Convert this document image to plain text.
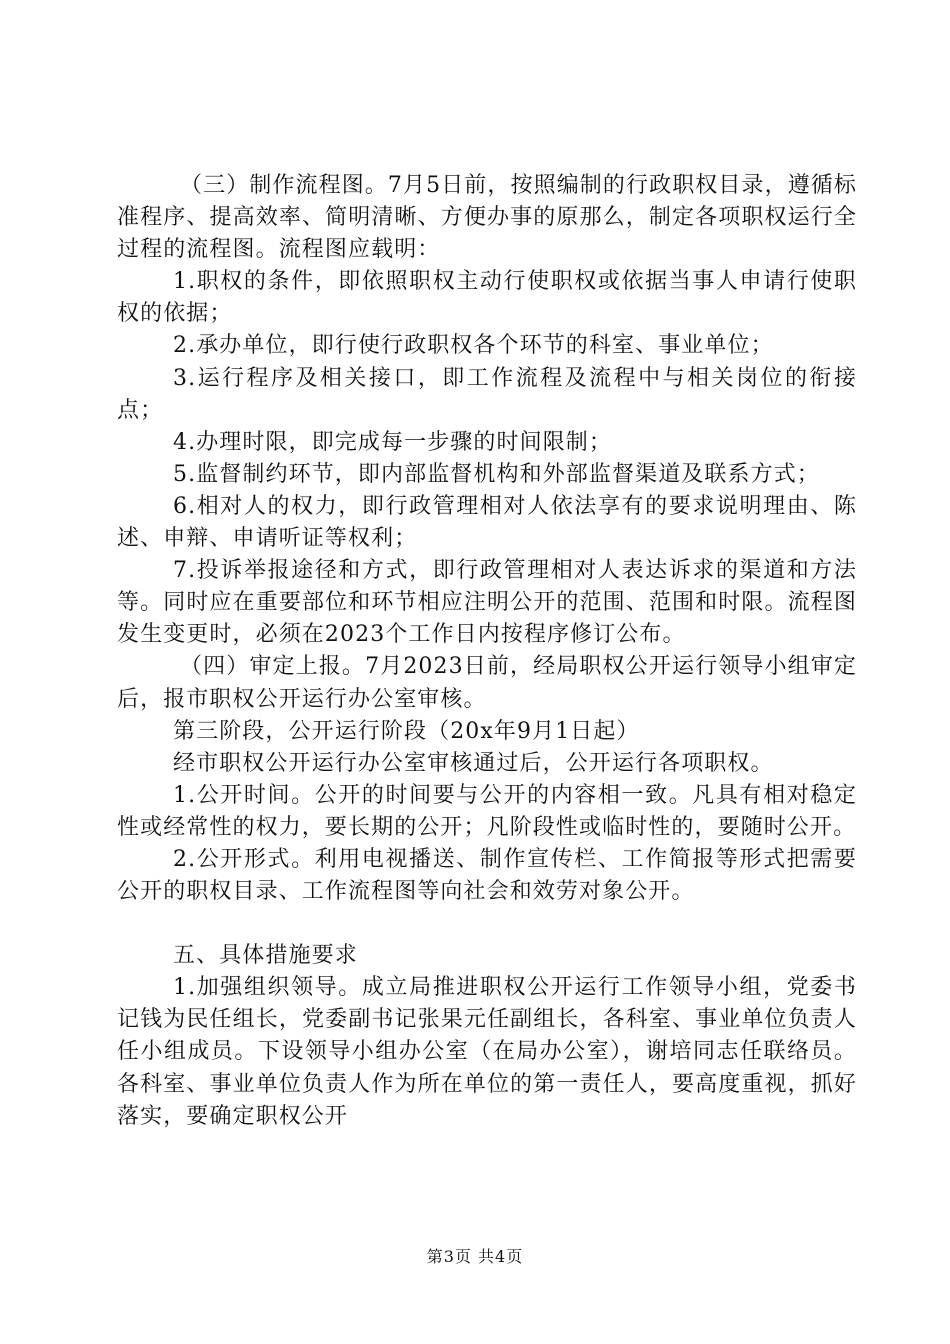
（三）制作流程图。7月5日前，按照编制的行政职权目录，遵循标准程序、提高效率、简明清晰、方便办事的原那么，制定各项职权运行全过程的流程图。流程图应载明：

1.职权的条件，即依照职权主动行使职权或依据当事人申请行使职权的依据；

2.承办单位，即行使行政职权各个环节的科室、事业单位；

3.运行程序及相关接口，即工作流程及流程中与相关岗位的衔接点；

4.办理时限，即完成每一步骤的时间限制；

5.监督制约环节，即内部监督机构和外部监督渠道及联系方式；

6.相对人的权力，即行政管理相对人依法享有的要求说明理由、陈述、申辩、申请听证等权利；

7.投诉举报途径和方式，即行政管理相对人表达诉求的渠道和方法等。同时应在重要部位和环节相应注明公开的范围、范围和时限。流程图发生变更时，必须在2023个工作日内按程序修订公布。

（四）审定上报。7月2023日前，经局职权公开运行领导小组审定后，报市职权公开运行办公室审核。

第三阶段，公开运行阶段（20x年9月1日起）

经市职权公开运行办公室审核通过后，公开运行各项职权。

1.公开时间。公开的时间要与公开的内容相一致。凡具有相对稳定性或经常性的权力，要长期的公开；凡阶段性或临时性的，要随时公开。

2.公开形式。利用电视播送、制作宣传栏、工作简报等形式把需要公开的职权目录、工作流程图等向社会和效劳对象公开。

五、具体措施要求

1.加强组织领导。成立局推进职权公开运行工作领导小组，党委书记钱为民任组长，党委副书记张果元任副组长，各科室、事业单位负责人任小组成员。下设领导小组办公室（在局办公室），谢培同志任联络员。各科室、事业单位负责人作为所在单位的第一责任人，要高度重视，抓好落实，要确定职权公开

第3页 共4页
